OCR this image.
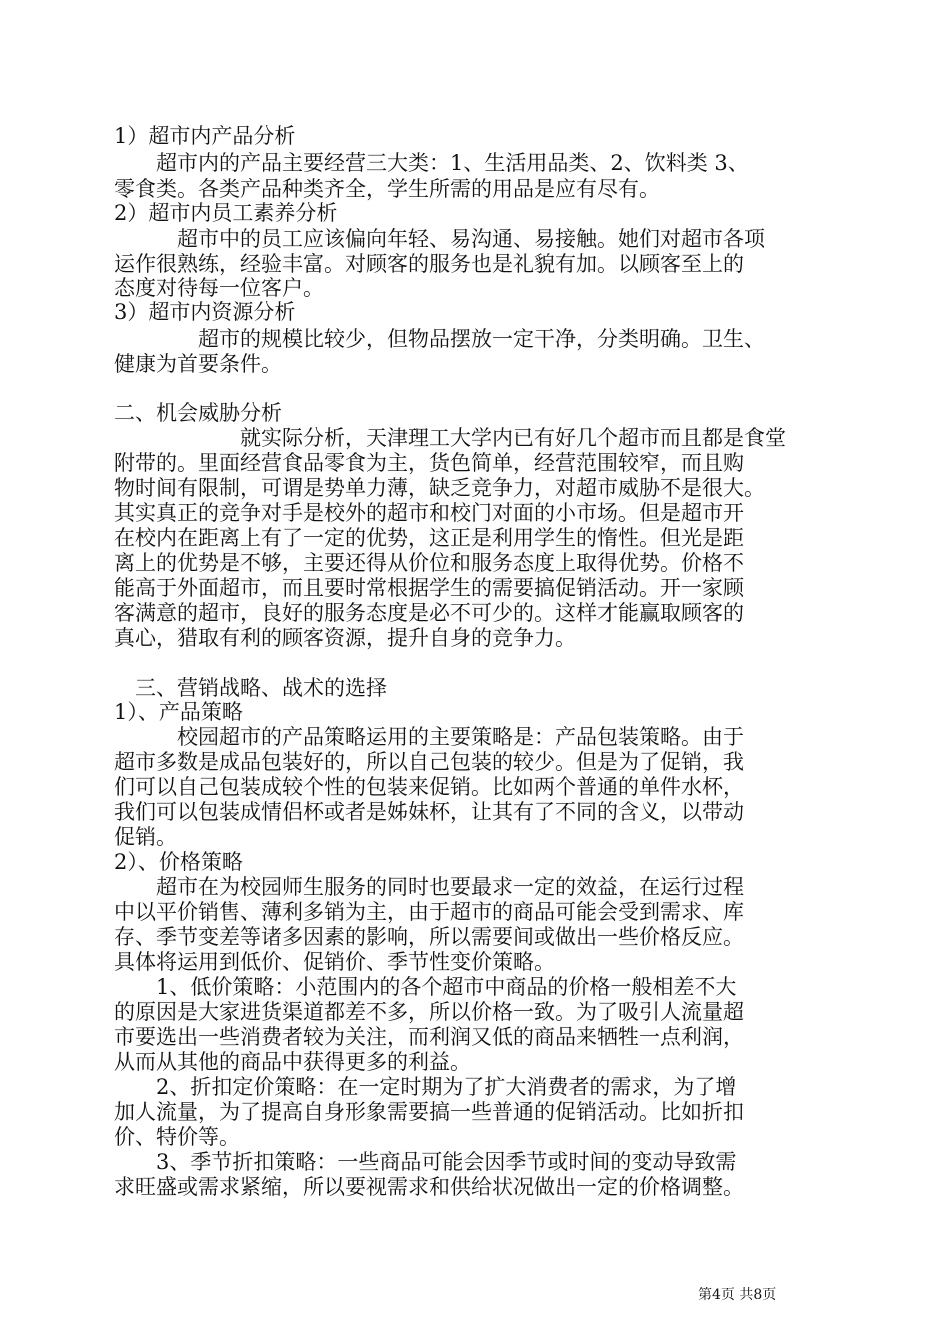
1）超市内产品分析
　　超市内的产品主要经营三大类：1、生活用品类、2、饮料类 3、
零食类。各类产品种类齐全，学生所需的用品是应有尽有。
2）超市内员工素养分析
　　　超市中的员工应该偏向年轻、易沟通、易接触。她们对超市各项
运作很熟练，经验丰富。对顾客的服务也是礼貌有加。以顾客至上的
态度对待每一位客户。
3）超市内资源分析
　　　　超市的规模比较少，但物品摆放一定干净，分类明确。卫生、
健康为首要条件。
二、机会威胁分析
　　　　　　就实际分析，天津理工大学内已有好几个超市而且都是食堂
附带的。里面经营食品零食为主，货色简单，经营范围较窄，而且购
物时间有限制，可谓是势单力薄，缺乏竞争力，对超市威胁不是很大。
其实真正的竞争对手是校外的超市和校门对面的小市场。但是超市开
在校内在距离上有了一定的优势，这正是利用学生的惰性。但光是距
离上的优势是不够，主要还得从价位和服务态度上取得优势。价格不
能高于外面超市，而且要时常根据学生的需要搞促销活动。开一家顾
客满意的超市，良好的服务态度是必不可少的。这样才能赢取顾客的
真心，猎取有利的顾客资源，提升自身的竞争力。
　三、营销战略、战术的选择
1）、产品策略
　　　校园超市的产品策略运用的主要策略是：产品包装策略。由于
超市多数是成品包装好的，所以自己包装的较少。但是为了促销，我
们可以自己包装成较个性的包装来促销。比如两个普通的单件水杯，
我们可以包装成情侣杯或者是姊妹杯，让其有了不同的含义，以带动
促销。
2）、价格策略
　　超市在为校园师生服务的同时也要最求一定的效益，在运行过程
中以平价销售、薄利多销为主，由于超市的商品可能会受到需求、库
存、季节变差等诸多因素的影响，所以需要间或做出一些价格反应。
具体将运用到低价、促销价、季节性变价策略。
　　1、低价策略：小范围内的各个超市中商品的价格一般相差不大
的原因是大家进货渠道都差不多，所以价格一致。为了吸引人流量超
市要选出一些消费者较为关注，而利润又低的商品来牺牲一点利润，
从而从其他的商品中获得更多的利益。
　　2、折扣定价策略：在一定时期为了扩大消费者的需求，为了增
加人流量，为了提高自身形象需要搞一些普通的促销活动。比如折扣
价、特价等。
　　3、季节折扣策略：一些商品可能会因季节或时间的变动导致需
求旺盛或需求紧缩，所以要视需求和供给状况做出一定的价格调整。
第4页 共8页
